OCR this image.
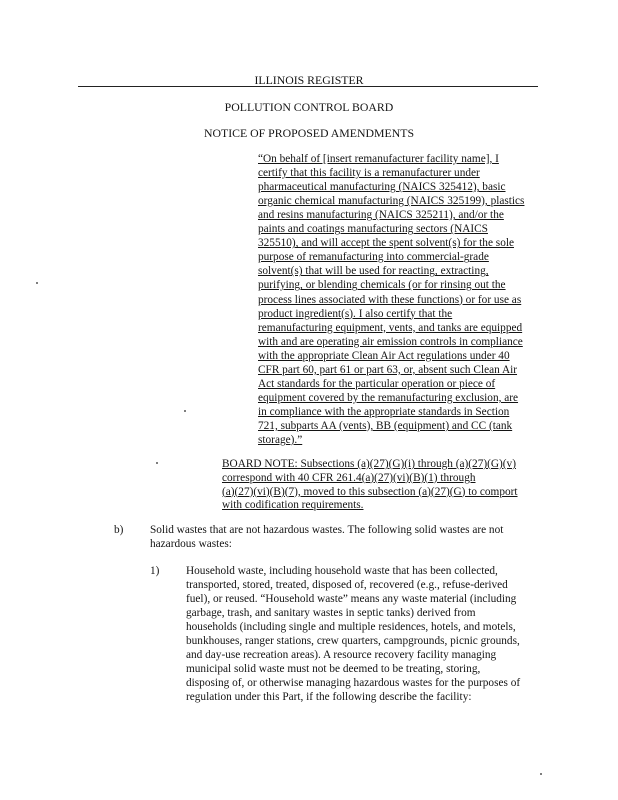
ILLINOIS REGISTER
POLLUTION CONTROL BOARD
NOTICE OF PROPOSED AMENDMENTS
“On behalf of [insert remanufacturer facility name], I
certify that this facility is a remanufacturer under
pharmaceutical manufacturing (NAICS 325412), basic
organic chemical manufacturing (NAICS 325199), plastics
and resins manufacturing (NAICS 325211), and/or the
paints and coatings manufacturing sectors (NAICS
325510), and will accept the spent solvent(s) for the sole
purpose of remanufacturing into commercial-grade
solvent(s) that will be used for reacting, extracting,
purifying, or blending chemicals (or for rinsing out the
process lines associated with these functions) or for use as
product ingredient(s). I also certify that the
remanufacturing equipment, vents, and tanks are equipped
with and are operating air emission controls in compliance
with the appropriate Clean Air Act regulations under 40
CFR part 60, part 61 or part 63, or, absent such Clean Air
Act standards for the particular operation or piece of
equipment covered by the remanufacturing exclusion, are
in compliance with the appropriate standards in Section
721, subparts AA (vents), BB (equipment) and CC (tank
storage).”
BOARD NOTE: Subsections (a)(27)(G)(i) through (a)(27)(G)(v)
correspond with 40 CFR 261.4(a)(27)(vi)(B)(1) through
(a)(27)(vi)(B)(7), moved to this subsection (a)(27)(G) to comport
with codification requirements.
b) Solid wastes that are not hazardous wastes. The following solid wastes are not
hazardous wastes:
1) Household waste, including household waste that has been collected,
transported, stored, treated, disposed of, recovered (e.g., refuse-derived
fuel), or reused. “Household waste” means any waste material (including
garbage, trash, and sanitary wastes in septic tanks) derived from
households (including single and multiple residences, hotels, and motels,
bunkhouses, ranger stations, crew quarters, campgrounds, picnic grounds,
and day-use recreation areas). A resource recovery facility managing
municipal solid waste must not be deemed to be treating, storing,
disposing of, or otherwise managing hazardous wastes for the purposes of
regulation under this Part, if the following describe the facility:
